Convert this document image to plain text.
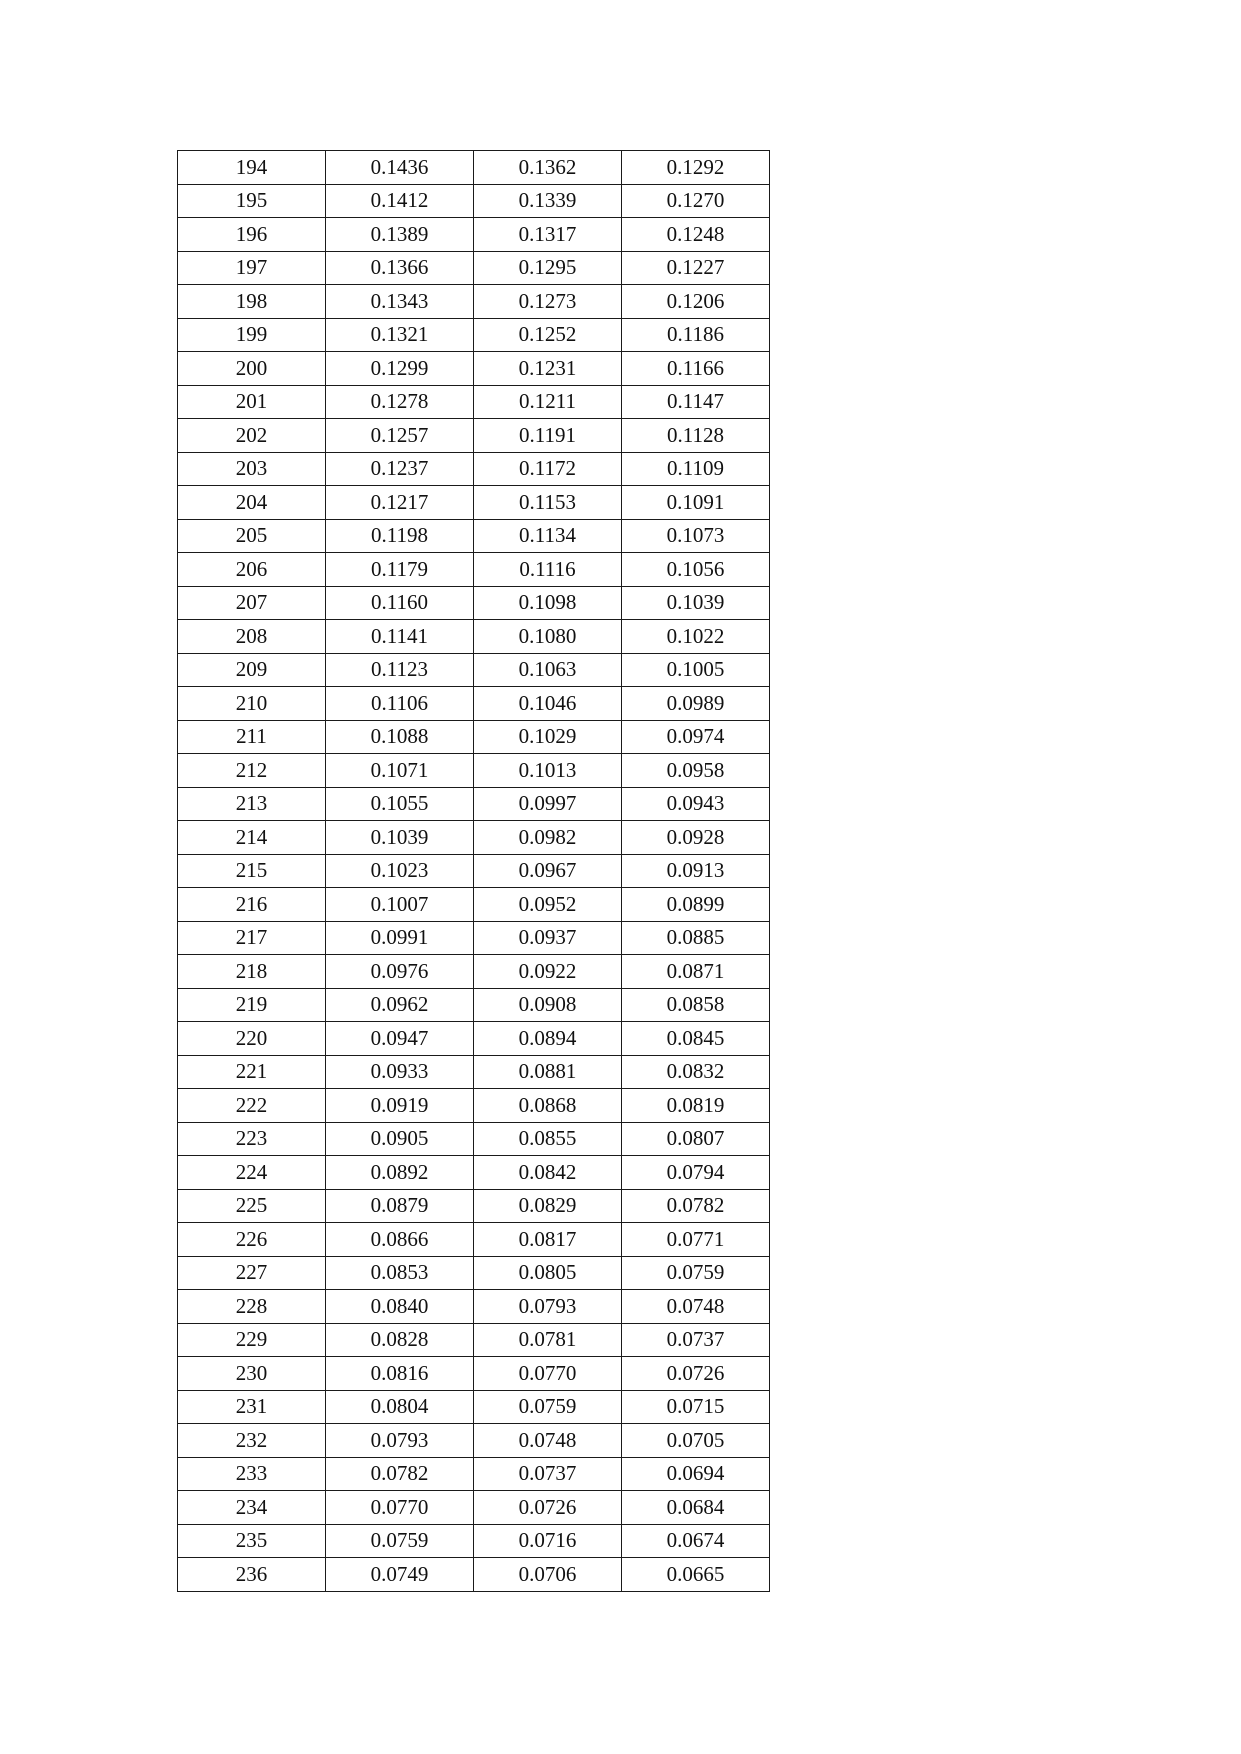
194	0.1436	0.1362	0.1292
195	0.1412	0.1339	0.1270
196	0.1389	0.1317	0.1248
197	0.1366	0.1295	0.1227
198	0.1343	0.1273	0.1206
199	0.1321	0.1252	0.1186
200	0.1299	0.1231	0.1166
201	0.1278	0.1211	0.1147
202	0.1257	0.1191	0.1128
203	0.1237	0.1172	0.1109
204	0.1217	0.1153	0.1091
205	0.1198	0.1134	0.1073
206	0.1179	0.1116	0.1056
207	0.1160	0.1098	0.1039
208	0.1141	0.1080	0.1022
209	0.1123	0.1063	0.1005
210	0.1106	0.1046	0.0989
211	0.1088	0.1029	0.0974
212	0.1071	0.1013	0.0958
213	0.1055	0.0997	0.0943
214	0.1039	0.0982	0.0928
215	0.1023	0.0967	0.0913
216	0.1007	0.0952	0.0899
217	0.0991	0.0937	0.0885
218	0.0976	0.0922	0.0871
219	0.0962	0.0908	0.0858
220	0.0947	0.0894	0.0845
221	0.0933	0.0881	0.0832
222	0.0919	0.0868	0.0819
223	0.0905	0.0855	0.0807
224	0.0892	0.0842	0.0794
225	0.0879	0.0829	0.0782
226	0.0866	0.0817	0.0771
227	0.0853	0.0805	0.0759
228	0.0840	0.0793	0.0748
229	0.0828	0.0781	0.0737
230	0.0816	0.0770	0.0726
231	0.0804	0.0759	0.0715
232	0.0793	0.0748	0.0705
233	0.0782	0.0737	0.0694
234	0.0770	0.0726	0.0684
235	0.0759	0.0716	0.0674
236	0.0749	0.0706	0.0665
